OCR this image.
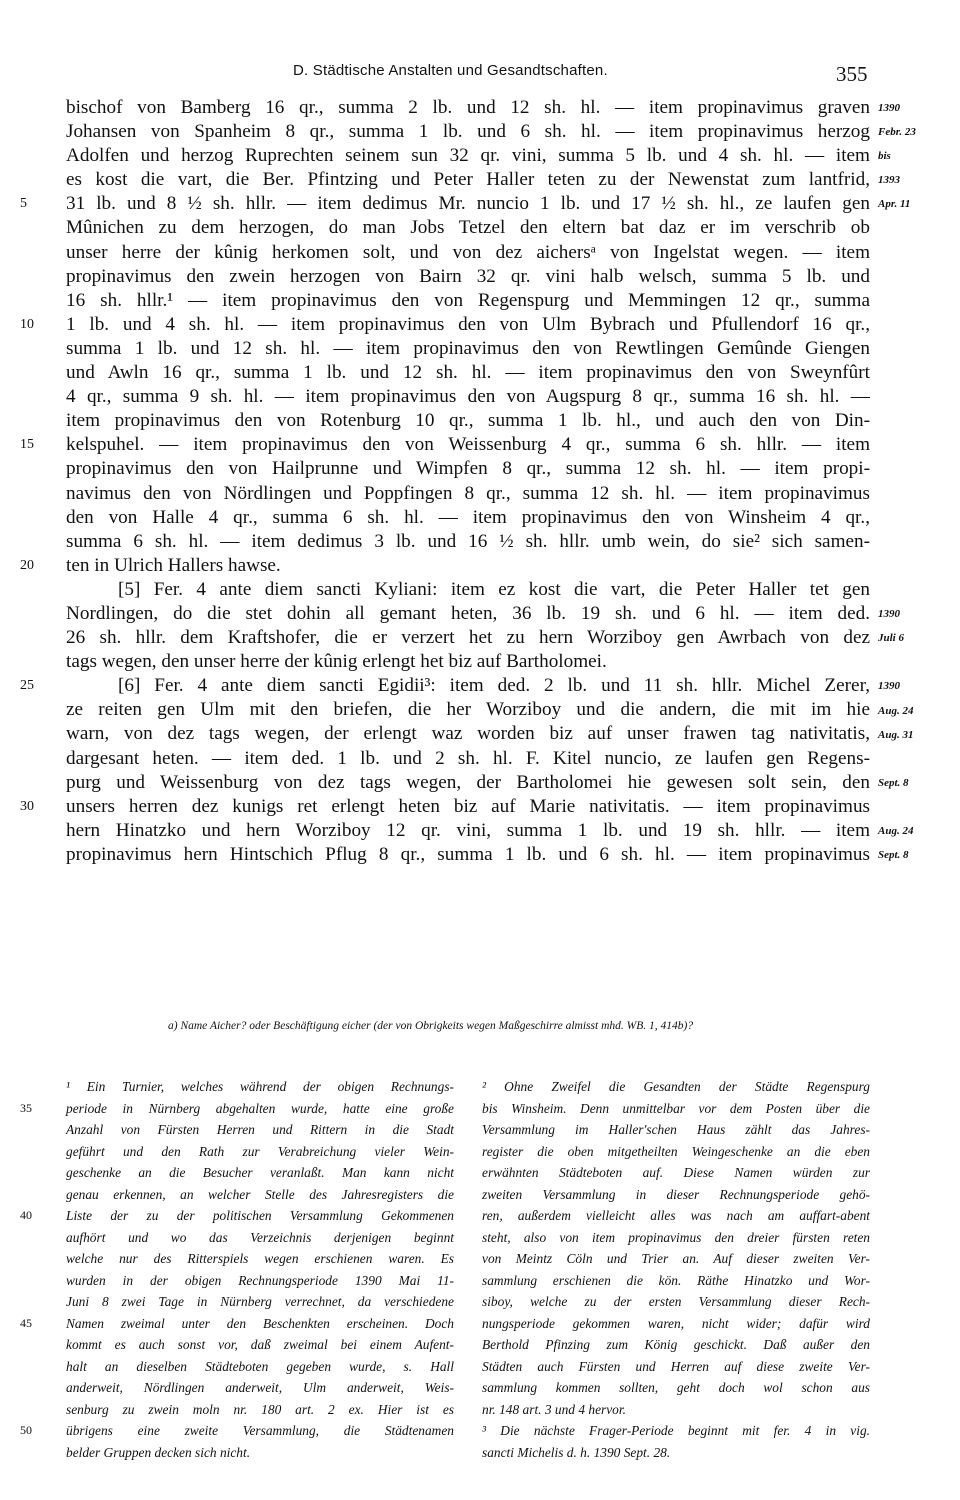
D. Städtische Anstalten und Gesandtschaften.	355
bischof von Bamberg 16 qr., summa 2 lb. und 12 sh. hl. — item propinavimus graven
Johansen von Spanheim 8 qr., summa 1 lb. und 6 sh. hl. — item propinavimus herzog
Adolfen und herzog Ruprechten seinem sun 32 qr. vini, summa 5 lb. und 4 sh. hl. — item
es kost die vart, die Ber. Pfintzing und Peter Haller teten zu der Newenstat zum lantfrid,
31 lb. und 8 ½ sh. hllr. — item dedimus Mr. nuncio 1 lb. und 17 ½ sh. hl., ze laufen gen
5
Mûnichen zu dem herzogen, do man Jobs Tetzel den eltern bat daz er im verschrib ob
unser herre der kûnig herkomen solt, und von dez aichersᵃ von Ingelstat wegen. — item
propinavimus den zwein herzogen von Bairn 32 qr. vini halb welsch, summa 5 lb. und
16 sh. hllr.¹ — item propinavimus den von Regenspurg und Memmingen 12 qr., summa
1 lb. und 4 sh. hl. — item propinavimus den von Ulm Bybrach und Pfullendorf 16 qr.,
10
summa 1 lb. und 12 sh. hl. — item propinavimus den von Rewtlingen Gemûnde Giengen
und Awln 16 qr., summa 1 lb. und 12 sh. hl. — item propinavimus den von Sweynfûrt
4 qr., summa 9 sh. hl. — item propinavimus den von Augspurg 8 qr., summa 16 sh. hl. —
item propinavimus den von Rotenburg 10 qr., summa 1 lb. hl., und auch den von Din-
kelspuhel. — item propinavimus den von Weissenburg 4 qr., summa 6 sh. hllr. — item
15
propinavimus den von Hailprunne und Wimpfen 8 qr., summa 12 sh. hl. — item propi-
navimus den von Nördlingen und Poppfingen 8 qr., summa 12 sh. hl. — item propinavimus
den von Halle 4 qr., summa 6 sh. hl. — item propinavimus den von Winsheim 4 qr.,
summa 6 sh. hl. — item dedimus 3 lb. und 16 ½ sh. hllr. umb wein, do sie² sich samen-
ten in Ulrich Hallers hawse.
20
[5] Fer. 4 ante diem sancti Kyliani: item ez kost die vart, die Peter Haller tet gen
Nordlingen, do die stet dohin all gemant heten, 36 lb. 19 sh. und 6 hl. — item ded.
26 sh. hllr. dem Kraftshofer, die er verzert het zu hern Worziboy gen Awrbach von dez
tags wegen, den unser herre der kûnig erlengt het biz auf Bartholomei.
[6] Fer. 4 ante diem sancti Egidii³: item ded. 2 lb. und 11 sh. hllr. Michel Zerer,
25
ze reiten gen Ulm mit den briefen, die her Worziboy und die andern, die mit im hie
warn, von dez tags wegen, der erlengt waz worden biz auf unser frawen tag nativitatis,
dargesant heten. — item ded. 1 lb. und 2 sh. hl. F. Kitel nuncio, ze laufen gen Regens-
purg und Weissenburg von dez tags wegen, der Bartholomei hie gewesen solt sein, den
unsers herren dez kunigs ret erlengt heten biz auf Marie nativitatis. — item propinavimus
30
hern Hinatzko und hern Worziboy 12 qr. vini, summa 1 lb. und 19 sh. hllr. — item
propinavimus hern Hintschich Pflug 8 qr., summa 1 lb. und 6 sh. hl. — item propinavimus
1390
Febr. 23
bis
1393
Apr. 11
1390
Juli 6
1390
Aug. 24
Aug. 31
Sept. 8
Aug. 24
Sept. 8
a) Name Aicher? oder Beschäftigung eicher (der von Obrigkeits wegen Maßgeschirre almisst mhd. WB. 1, 414b)?
¹ Ein Turnier, welches während der obigen Rechnungs-
periode in Nürnberg abgehalten wurde, hatte eine große
35
Anzahl von Fürsten Herren und Rittern in die Stadt
geführt und den Rath zur Verabreichung vieler Wein-
geschenke an die Besucher veranlaßt. Man kann nicht
genau erkennen, an welcher Stelle des Jahresregisters die
Liste der zu der politischen Versammlung Gekommenen
40
aufhört und wo das Verzeichnis derjenigen beginnt
welche nur des Ritterspiels wegen erschienen waren. Es
wurden in der obigen Rechnungsperiode 1390 Mai 11-
Juni 8 zwei Tage in Nürnberg verrechnet, da verschiedene
Namen zweimal unter den Beschenkten erscheinen. Doch
45
kommt es auch sonst vor, daß zweimal bei einem Aufent-
halt an dieselben Städteboten gegeben wurde, s. Hall
anderweit, Nördlingen anderweit, Ulm anderweit, Weis-
senburg zu zwein moln nr. 180 art. 2 ex. Hier ist es
übrigens eine zweite Versammlung, die Städtenamen
50
belder Gruppen decken sich nicht.
² Ohne Zweifel die Gesandten der Städte Regenspurg
bis Winsheim. Denn unmittelbar vor dem Posten über die
Versammlung im Haller'schen Haus zählt das Jahres-
register die oben mitgetheilten Weingeschenke an die eben
erwähnten Städteboten auf. Diese Namen würden zur
zweiten Versammlung in dieser Rechnungsperiode gehö-
ren, außerdem vielleicht alles was nach am auffart-abent
steht, also von item propinavimus den dreier fürsten reten
von Meintz Cöln und Trier an. Auf dieser zweiten Ver-
sammlung erschienen die kön. Räthe Hinatzko und Wor-
siboy, welche zu der ersten Versammlung dieser Rech-
nungsperiode gekommen waren, nicht wider; dafür wird
Berthold Pfinzing zum König geschickt. Daß außer den
Städten auch Fürsten und Herren auf diese zweite Ver-
sammlung kommen sollten, geht doch wol schon aus
nr. 148 art. 3 und 4 hervor.
³ Die nächste Frager-Periode beginnt mit fer. 4 in vig.
sancti Michelis d. h. 1390 Sept. 28.
